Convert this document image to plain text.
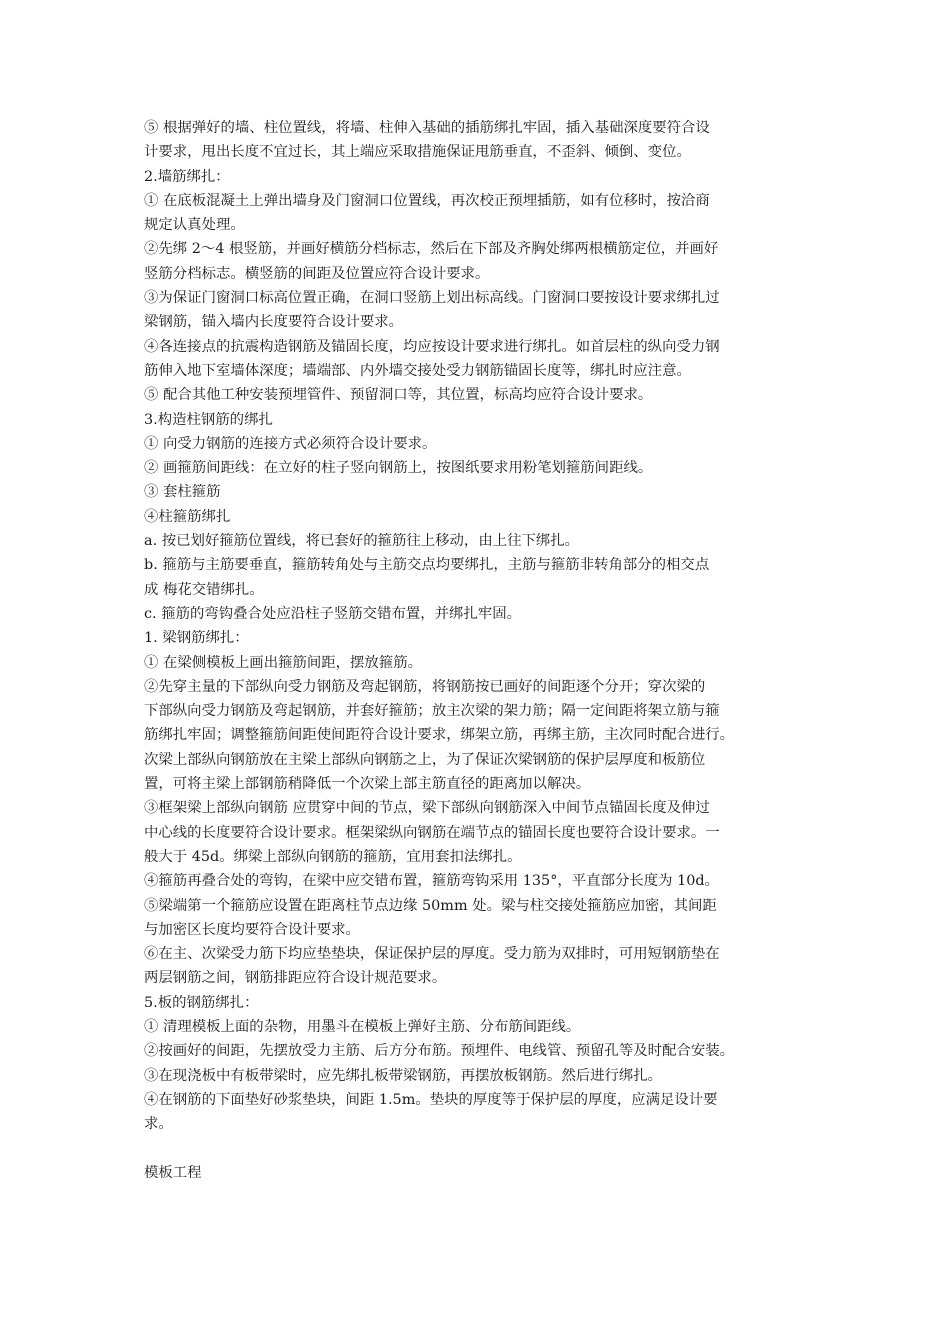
⑤ 根据弹好的墙、柱位置线，将墙、柱伸入基础的插筋绑扎牢固，插入基础深度要符合设
计要求，甩出长度不宜过长，其上端应采取措施保证甩筋垂直，不歪斜、倾倒、变位。
2.墙筋绑扎：
① 在底板混凝土上弹出墙身及门窗洞口位置线，再次校正预埋插筋，如有位移时，按洽商
规定认真处理。
②先绑 2～4 根竖筋，并画好横筋分档标志，然后在下部及齐胸处绑两根横筋定位，并画好
竖筋分档标志。横竖筋的间距及位置应符合设计要求。
③为保证门窗洞口标高位置正确，在洞口竖筋上划出标高线。门窗洞口要按设计要求绑扎过
梁钢筋，锚入墙内长度要符合设计要求。
④各连接点的抗震构造钢筋及锚固长度，均应按设计要求进行绑扎。如首层柱的纵向受力钢
筋伸入地下室墙体深度；墙端部、内外墙交接处受力钢筋锚固长度等，绑扎时应注意。
⑤ 配合其他工种安装预埋管件、预留洞口等，其位置，标高均应符合设计要求。
3.构造柱钢筋的绑扎
① 向受力钢筋的连接方式必须符合设计要求。
② 画箍筋间距线：在立好的柱子竖向钢筋上，按图纸要求用粉笔划箍筋间距线。
③ 套柱箍筋
④柱箍筋绑扎
a. 按已划好箍筋位置线，将已套好的箍筋往上移动，由上往下绑扎。
b. 箍筋与主筋要垂直，箍筋转角处与主筋交点均要绑扎，主筋与箍筋非转角部分的相交点
成 梅花交错绑扎。
c. 箍筋的弯钩叠合处应沿柱子竖筋交错布置，并绑扎牢固。
1. 梁钢筋绑扎：
① 在梁侧模板上画出箍筋间距，摆放箍筋。
②先穿主量的下部纵向受力钢筋及弯起钢筋，将钢筋按已画好的间距逐个分开；穿次梁的
下部纵向受力钢筋及弯起钢筋，并套好箍筋；放主次梁的架力筋；隔一定间距将架立筋与箍
筋绑扎牢固；调整箍筋间距使间距符合设计要求，绑架立筋，再绑主筋，主次同时配合进行。
次梁上部纵向钢筋放在主梁上部纵向钢筋之上，为了保证次梁钢筋的保护层厚度和板筋位
置，可将主梁上部钢筋稍降低一个次梁上部主筋直径的距离加以解决。
③框架梁上部纵向钢筋 应贯穿中间的节点，梁下部纵向钢筋深入中间节点锚固长度及伸过
中心线的长度要符合设计要求。框架梁纵向钢筋在端节点的锚固长度也要符合设计要求。一
般大于 45d。绑梁上部纵向钢筋的箍筋，宜用套扣法绑扎。
④箍筋再叠合处的弯钩，在梁中应交错布置，箍筋弯钩采用 135°，平直部分长度为 10d。
⑤梁端第一个箍筋应设置在距离柱节点边缘 50mm 处。梁与柱交接处箍筋应加密，其间距
与加密区长度均要符合设计要求。
⑥在主、次梁受力筋下均应垫垫块，保证保护层的厚度。受力筋为双排时，可用短钢筋垫在
两层钢筋之间，钢筋排距应符合设计规范要求。
5.板的钢筋绑扎：
① 清理模板上面的杂物，用墨斗在模板上弹好主筋、分布筋间距线。
②按画好的间距，先摆放受力主筋、后方分布筋。预埋件、电线管、预留孔等及时配合安装。
③在现浇板中有板带梁时，应先绑扎板带梁钢筋，再摆放板钢筋。然后进行绑扎。
④在钢筋的下面垫好砂浆垫块，间距 1.5m。垫块的厚度等于保护层的厚度，应满足设计要
求。
模板工程
